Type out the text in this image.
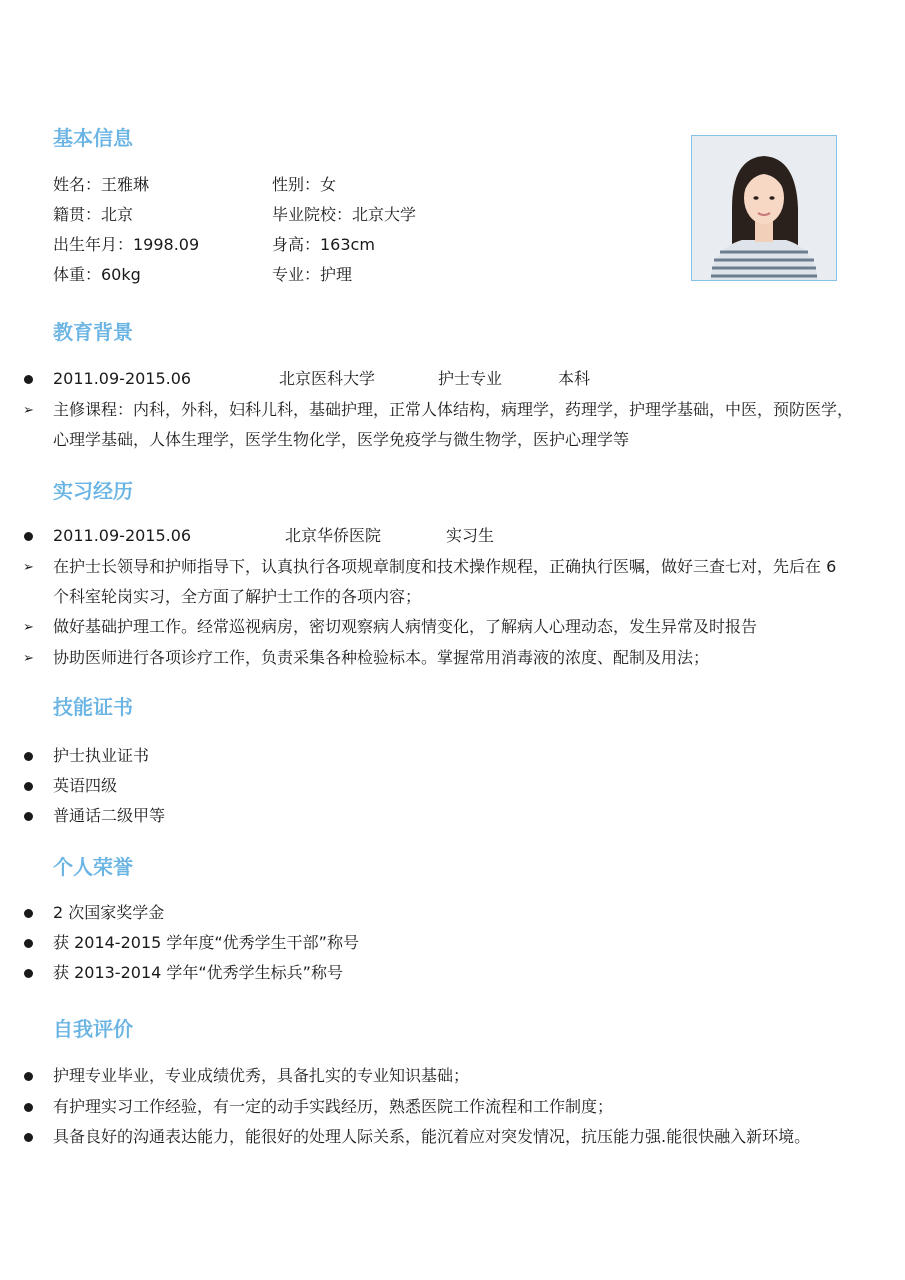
基本信息
姓名：王雅琳	性别：女
籍贯：北京	毕业院校：北京大学
出生年月：1998.09	身高：163cm
体重：60kg	专业：护理
教育背景
2011.09-2015.06	北京医科大学	护士专业	本科
➢ 主修课程：内科，外科，妇科儿科，基础护理，正常人体结构，病理学，药理学，护理学基础，中医，预防医学，心理学基础，人体生理学，医学生物化学，医学免疫学与微生物学，医护心理学等
实习经历
2011.09-2015.06	北京华侨医院	实习生
➢ 在护士长领导和护师指导下，认真执行各项规章制度和技术操作规程，正确执行医嘱，做好三查七对，先后在 6 个科室轮岗实习，全方面了解护士工作的各项内容；
➢ 做好基础护理工作。经常巡视病房，密切观察病人病情变化，了解病人心理动态，发生异常及时报告
➢ 协助医师进行各项诊疗工作，负责采集各种检验标本。掌握常用消毒液的浓度、配制及用法；
技能证书
护士执业证书
英语四级
普通话二级甲等
个人荣誉
2 次国家奖学金
获 2014-2015 学年度“优秀学生干部”称号
获 2013-2014 学年“优秀学生标兵”称号
自我评价
护理专业毕业，专业成绩优秀，具备扎实的专业知识基础；
有护理实习工作经验，有一定的动手实践经历，熟悉医院工作流程和工作制度；
具备良好的沟通表达能力，能很好的处理人际关系，能沉着应对突发情况，抗压能力强.能很快融入新环境。
